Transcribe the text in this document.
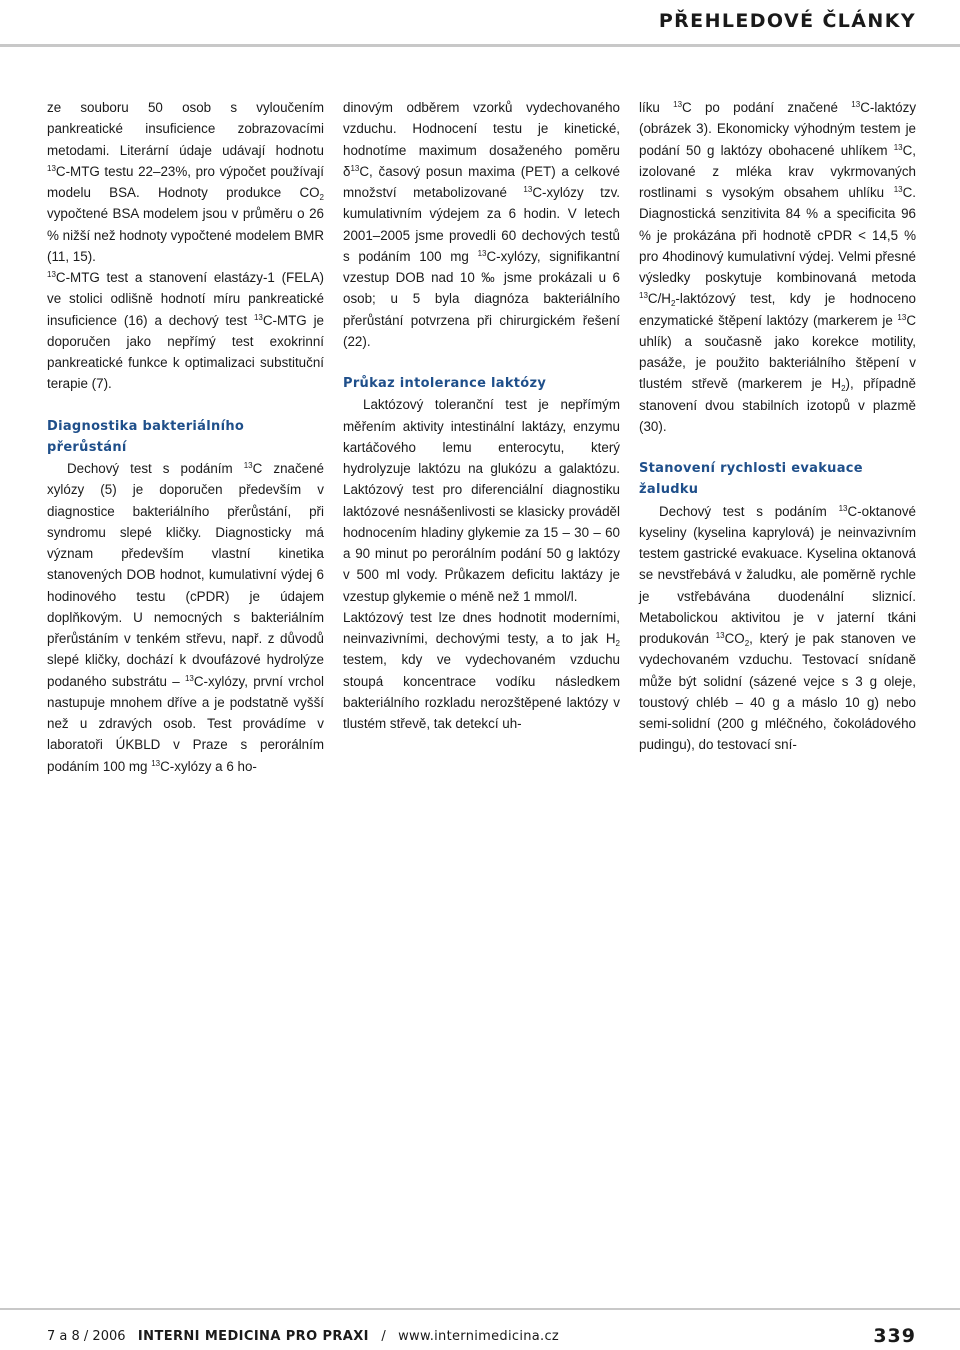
PŘEHLEDOVÉ ČLÁNKY

ze souboru 50 osob s vyloučením pankreatické insuficience zobrazovacími metodami. Literární údaje udávají hodnotu $^{13}$C-MTG testu 22–23%, pro výpočet používají modelu BSA. Hodnoty produkce $CO_2$ vypočtené BSA modelem jsou v průměru o 26 % nižší než hodnoty vypočtené modelem BMR (11, 15).

$^{13}$C-MTG test a stanovení elastázy-1 (FELA) ve stolici odlišně hodnotí míru pankreatické insuficience (16) a dechový test $^{13}$C-MTG je doporučen jako nepřímý test exokrinní pankreatické funkce k optimalizaci substituční terapie (7).

Diagnostika bakteriálního přerůstání

Dechový test s podáním $^{13}$C značené xylózy (5) je doporučen především v diagnostice bakteriálního přerůstání, při syndromu slepé kličky. Diagnosticky má význam především vlastní kinetika stanovených DOB hodnot, kumulativní výdej 6 hodinového testu (cPDR) je údajem doplňkovým. U nemocných s bakteriálním přerůstáním v tenkém střevu, např. z důvodů slepé kličky, dochází k dvoufázové hydrolýze podaného substrátu – $^{13}$C-xylózy, první vrchol nastupuje mnohem dříve a je podstatně vyšší než u zdravých osob. Test provádíme v laboratoři ÚKBLD v Praze s perorálním podáním 100 mg $^{13}$C-xylózy a 6 ho-

dinovým odběrem vzorků vydechovaného vzduchu. Hodnocení testu je kinetické, hodnotíme maximum dosaženého poměru $\delta^{13}C$, časový posun maxima (PET) a celkové množství metabolizované $^{13}$C-xylózy tzv. kumulativním výdejem za 6 hodin. V letech 2001–2005 jsme provedli 60 dechových testů s podáním 100 mg $^{13}$C-xylózy, signifikantní vzestup DOB nad 10 ‰ jsme prokázali u 6 osob; u 5 byla diagnóza bakteriálního přerůstání potvrzena při chirurgickém řešení (22).

Průkaz intolerance laktózy

Laktózový toleranční test je nepřímým měřením aktivity intestinální laktázy, enzymu kartáčového lemu enterocytu, který hydrolyzuje laktózu na glukózu a galaktózu. Laktózový test pro diferenciální diagnostiku laktózové nesnášenlivosti se klasicky prováděl hodnocením hladiny glykemie za 15 – 30 – 60 a 90 minut po perorálním podání 50 g laktózy v 500 ml vody. Průkazem deficitu laktázy je vzestup glykemie o méně než 1 mmol/l.

Laktózový test lze dnes hodnotit moderními, neinvazivními, dechovými testy, a to jak $H_2$ testem, kdy ve vydechovaném vzduchu stoupá koncentrace vodíku následkem bakteriálního rozkladu nerozštěpené laktózy v tlustém střevě, tak detekcí uh-

líku $^{13}$C po podání značené $^{13}$C-laktózy (obrázek 3). Ekonomicky výhodným testem je podání 50 g laktózy obohacené uhlíkem $^{13}$C, izolované z mléka krav vykrmovaných rostlinami s vysokým obsahem uhlíku $^{13}$C. Diagnostická senzitivita 84 % a specificita 96 % je prokázána při hodnotě cPDR < 14,5 % pro 4hodinový kumulativní výdej. Velmi přesné výsledky poskytuje kombinovaná metoda $^{13}C/H_2$-laktózový test, kdy je hodnoceno enzymatické štěpení laktózy (markerem je $^{13}$C uhlík) a současně jako korekce motility, pasáže, je použito bakteriálního štěpení v tlustém střevě (markerem je $H_2$), případně stanovení dvou stabilních izotopů v plazmě (30).

Stanovení rychlosti evakuace žaludku

Dechový test s podáním $^{13}$C-oktanové kyseliny (kyselina kaprylová) je neinvazivním testem gastrické evakuace. Kyselina oktanová se nevstřebává v žaludku, ale poměrně rychle je vstřebávána duodenální sliznicí. Metabolickou aktivitou je v jaterní tkáni produkován $^{13}CO_2$, který je pak stanoven ve vydechovaném vzduchu. Testovací snídaně může být solidní (sázené vejce s 3 g oleje, toustový chléb – 40 g a máslo 10 g) nebo semi-solidní (200 g mléčného, čokoládového pudingu), do testovací sní-

7 a 8 / 2006
INTERNI MEDICINA PRO PRAXI
/
www.internimedicina.cz	339
